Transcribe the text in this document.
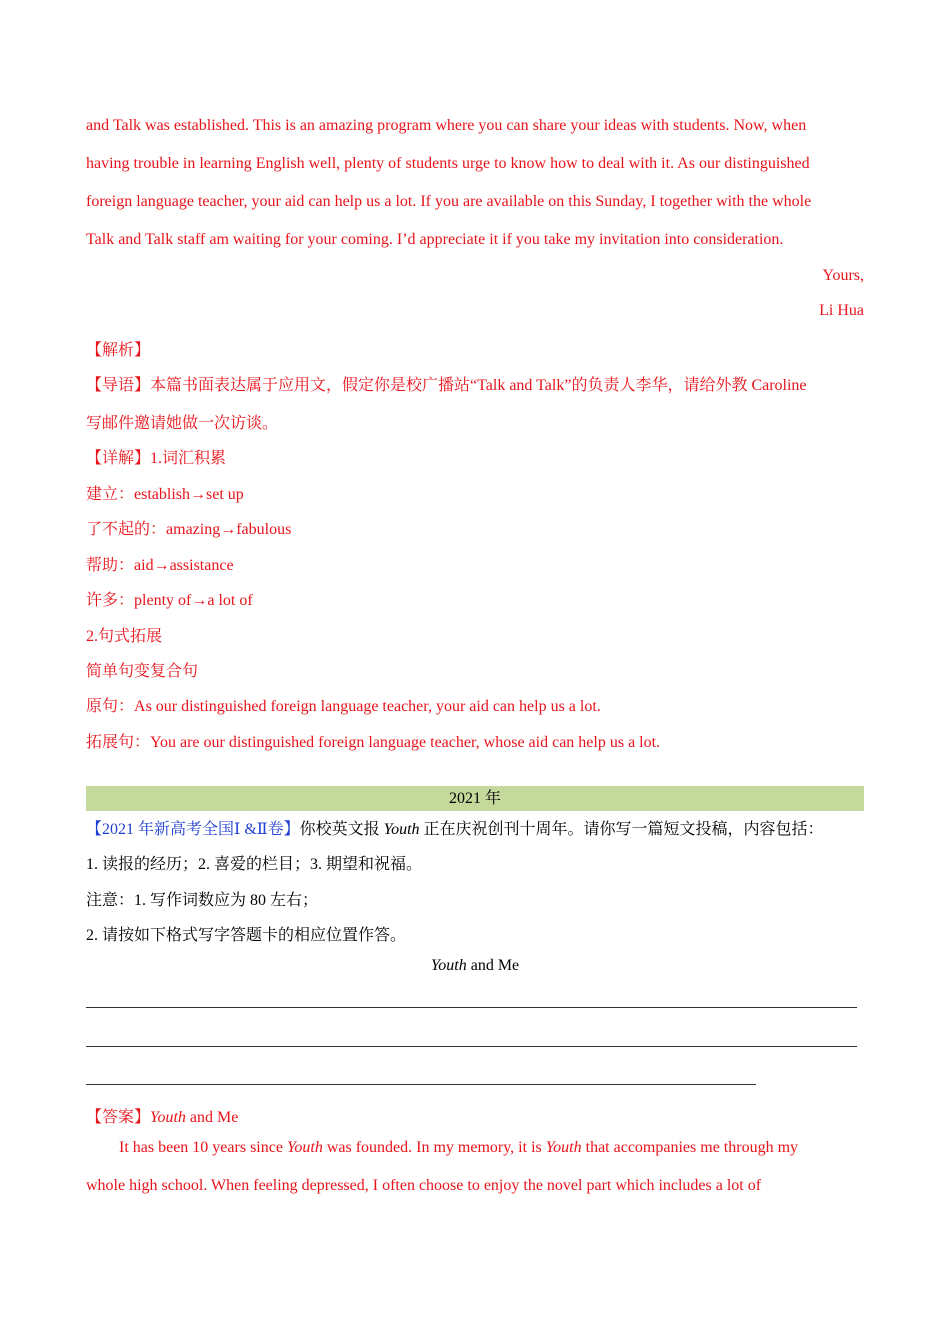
and Talk was established. This is an amazing program where you can share your ideas with students. Now, when
having trouble in learning English well, plenty of students urge to know how to deal with it. As our distinguished
foreign language teacher, your aid can help us a lot. If you are available on this Sunday, I together with the whole
Talk and Talk staff am waiting for your coming. I’d appreciate it if you take my invitation into consideration.
Yours,
Li Hua
【解析】
【导语】本篇书面表达属于应用文，假定你是校广播站“Talk and Talk”的负责人李华，请给外教 Caroline
写邮件邀请她做一次访谈。
【详解】1.词汇积累
建立：establish→set up
了不起的：amazing→fabulous
帮助：aid→assistance
许多：plenty of→a lot of
2.句式拓展
简单句变复合句
原句：As our distinguished foreign language teacher, your aid can help us a lot.
拓展句：You are our distinguished foreign language teacher, whose aid can help us a lot.
2021 年
【2021 年新高考全国Ⅰ &Ⅱ卷】你校英文报 Youth 正在庆祝创刊十周年。请你写一篇短文投稿，内容包括：
1. 读报的经历；2. 喜爱的栏目；3. 期望和祝福。
注意：1. 写作词数应为 80 左右；
2. 请按如下格式写字答题卡的相应位置作答。
Youth and Me
【答案】Youth and Me
It has been 10 years since Youth was founded. In my memory, it is Youth that accompanies me through my
whole high school. When feeling depressed, I often choose to enjoy the novel part which includes a lot of
